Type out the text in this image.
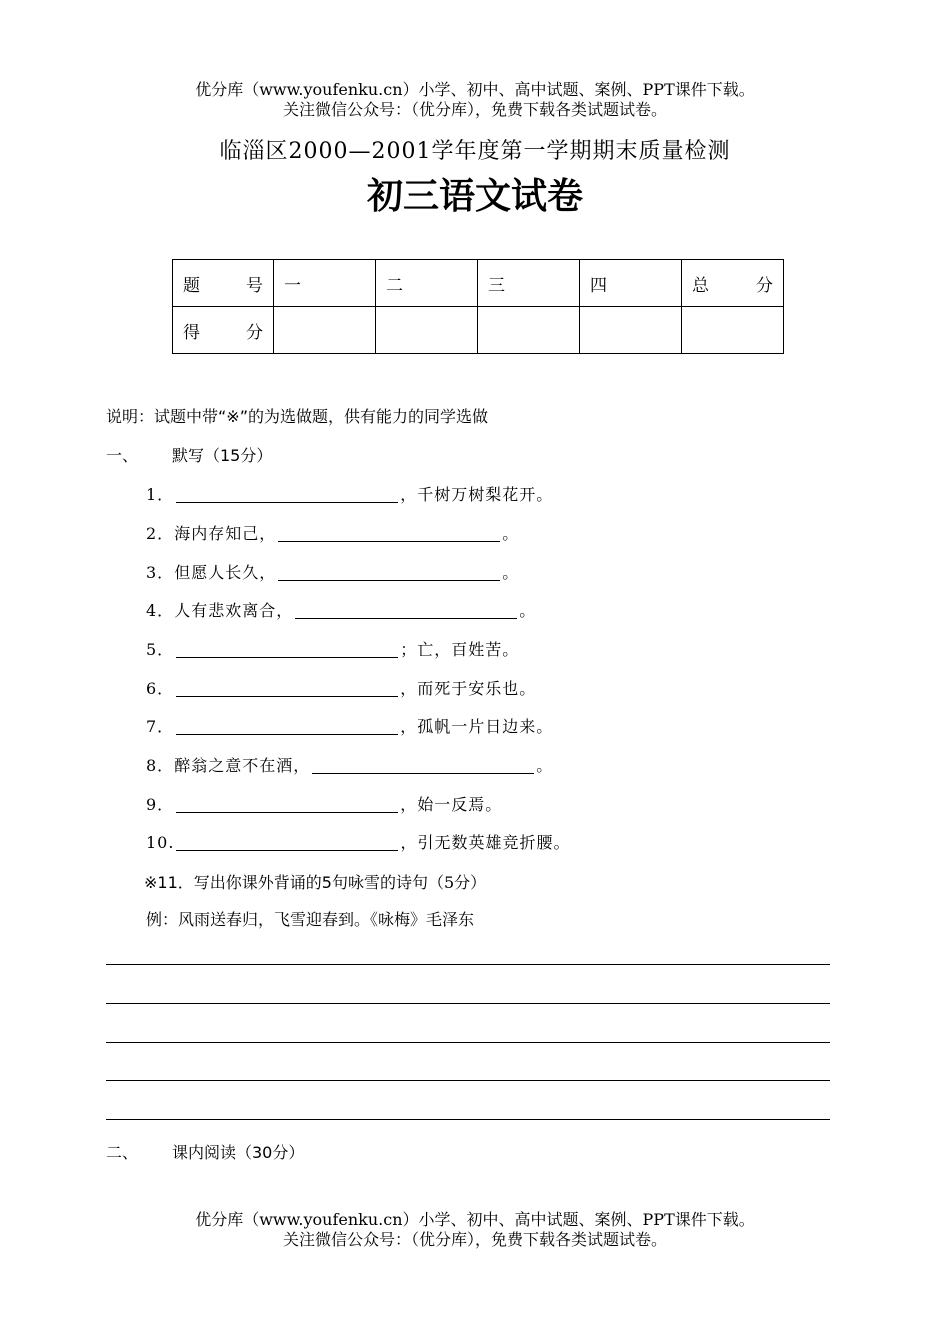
优分库（www.youfenku.cn）小学、初中、高中试题、案例、PPT课件下载。
关注微信公众号：（优分库），免费下载各类试题试卷。
临淄区2000—2001学年度第一学期期末质量检测
初三语文试卷
题 号	一	二	三	四	总 分

得 分					

说明：试题中带“※”的为选做题，供有能力的同学选做
一、 默写（15分）
1．	，千树万树梨花开。
2．海内存知己，	。
3．但愿人长久，	。
4．人有悲欢离合，	。
5．	；亡，百姓苦。
6．	，而死于安乐也。
7．	，孤帆一片日边来。
8．醉翁之意不在酒，	。
9．	，始一反焉。
10.	，引无数英雄竞折腰。
※11．写出你课外背诵的5句咏雪的诗句（5分）
例：风雨送春归，飞雪迎春到。《咏梅》毛泽东
二、 课内阅读（30分）
优分库（www.youfenku.cn）小学、初中、高中试题、案例、PPT课件下载。
关注微信公众号：（优分库），免费下载各类试题试卷。
